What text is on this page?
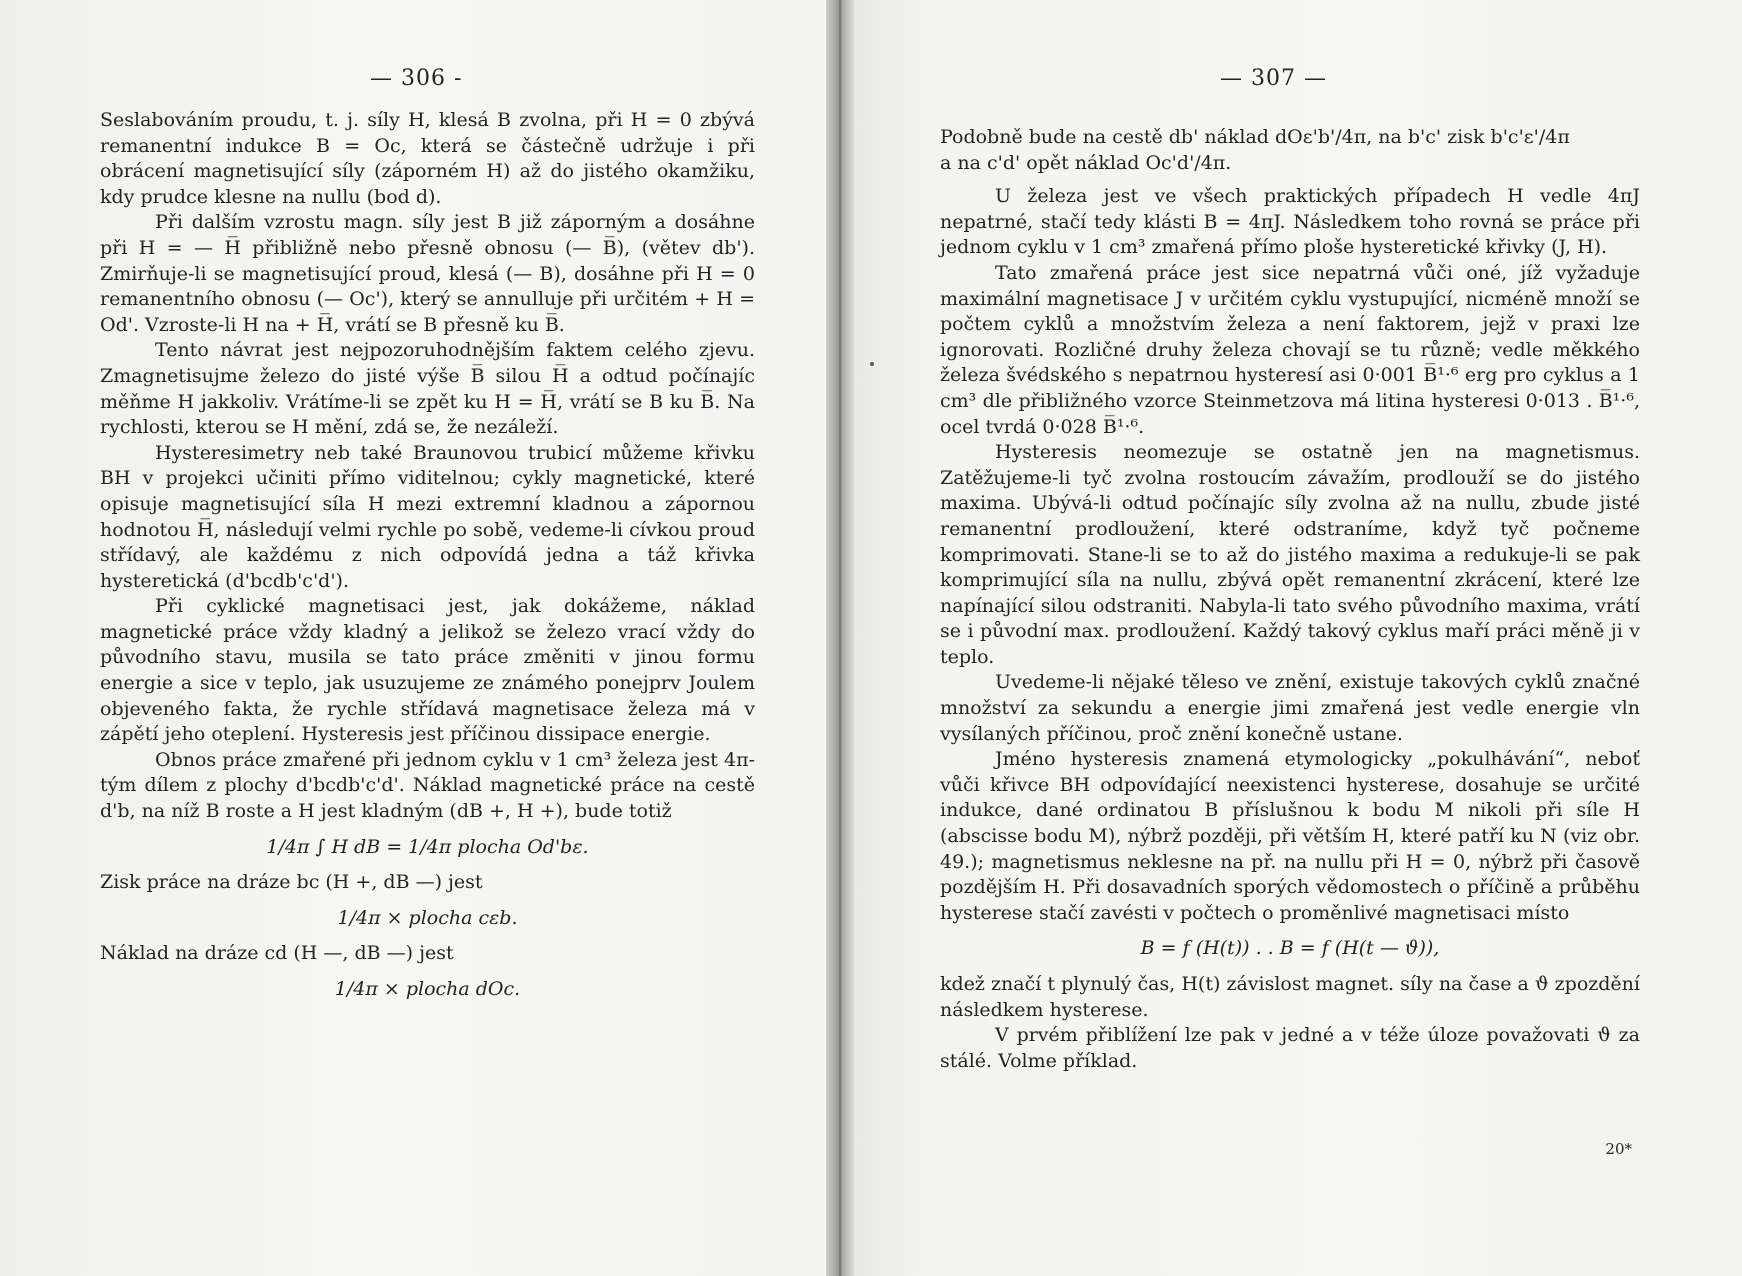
— 306 -

Seslabováním proudu, t. j. síly H, klesá B zvolna, při H = 0 zbývá remanentní indukce B = Oc, která se částečně udržuje i při obrácení magnetisující síly (záporném H) až do jistého okamžiku, kdy prudce klesne na nullu (bod d).

Při dalším vzrostu magn. síly jest B již záporným a dosáhne při H = — H̅ přibližně nebo přesně obnosu (— B̅), (větev db'). Zmirňuje-li se magnetisující proud, klesá (— B), dosáhne při H = 0 remanentního obnosu (— Oc'), který se annulluje při určitém + H = Od'. Vzroste-li H na + H̅, vrátí se B přesně ku B̅.

Tento návrat jest nejpozoruhodnějším faktem celého zjevu. Zmagnetisujme železo do jisté výše B̅ silou H̅ a odtud počínajíc měňme H jakkoliv. Vrátíme-li se zpět ku H = H̅, vrátí se B ku B̅. Na rychlosti, kterou se H mění, zdá se, že nezáleží.

Hysteresimetry neb také Braunovou trubicí můžeme křivku BH v projekci učiniti přímo viditelnou; cykly magnetické, které opisuje magnetisující síla H mezi extremní kladnou a zápornou hodnotou H̅, následují velmi rychle po sobě, vedeme-li cívkou proud střídavý, ale každému z nich odpovídá jedna a táž křivka hysteretická (d'bcdb'c'd').

Při cyklické magnetisaci jest, jak dokážeme, náklad magnetické práce vždy kladný a jelikož se železo vrací vždy do původního stavu, musila se tato práce změniti v jinou formu energie a sice v teplo, jak usuzujeme ze známého ponejprv Joulem objeveného fakta, že rychle střídavá magnetisace železa má v zápětí jeho oteplení. Hysteresis jest příčinou dissipace energie.

Obnos práce zmařené při jednom cyklu v 1 cm³ železa jest 4π-tým dílem z plochy d'bcdb'c'd'. Náklad magnetické práce na cestě d'b, na níž B roste a H jest kladným (dB +, H +), bude totiž

1/4π ∫ H dB = 1/4π plocha Od'bε.

Zisk práce na dráze bc (H +, dB —) jest

1/4π × plocha cεb.

Náklad na dráze cd (H —, dB —) jest

1/4π × plocha dOc.
— 307 —

Podobně bude na cestě db' náklad dOε'b'/4π, na b'c' zisk b'c'ε'/4π

a na c'd' opět náklad Oc'd'/4π.

U železa jest ve všech praktických případech H vedle 4πJ nepatrné, stačí tedy klásti B = 4πJ. Následkem toho rovná se práce při jednom cyklu v 1 cm³ zmařená přímo ploše hysteretické křivky (J, H).

Tato zmařená práce jest sice nepatrná vůči oné, jíž vyžaduje maximální magnetisace J v určitém cyklu vystupující, nicméně množí se počtem cyklů a množstvím železa a není faktorem, jejž v praxi lze ignorovati. Rozličné druhy železa chovají se tu různě; vedle měkkého železa švédského s nepatrnou hysteresí asi 0·001 B̅¹·⁶ erg pro cyklus a 1 cm³ dle přibližného vzorce Steinmetzova má litina hysteresi 0·013 . B̅¹·⁶, ocel tvrdá 0·028 B̅¹·⁶.

Hysteresis neomezuje se ostatně jen na magnetismus. Zatěžujeme-li tyč zvolna rostoucím závažím, prodlouží se do jistého maxima. Ubývá-li odtud počínajíc síly zvolna až na nullu, zbude jisté remanentní prodloužení, které odstraníme, když tyč počneme komprimovati. Stane-li se to až do jistého maxima a redukuje-li se pak komprimující síla na nullu, zbývá opět remanentní zkrácení, které lze napínající silou odstraniti. Nabyla-li tato svého původního maxima, vrátí se i původní max. prodloužení. Každý takový cyklus maří práci měně ji v teplo.

Uvedeme-li nějaké těleso ve znění, existuje takových cyklů značné množství za sekundu a energie jimi zmařená jest vedle energie vln vysílaných příčinou, proč znění konečně ustane.

Jméno hysteresis znamená etymologicky „pokulhávání“, neboť vůči křivce BH odpovídající neexistenci hysterese, dosahuje se určité indukce, dané ordinatou B příslušnou k bodu M nikoli při síle H (abscisse bodu M), nýbrž později, při větším H, které patří ku N (viz obr. 49.); magnetismus neklesne na př. na nullu při H = 0, nýbrž při časově pozdějším H. Při dosavadních sporých vědomostech o příčině a průběhu hysterese stačí zavésti v počtech o proměnlivé magnetisaci místo

B = f (H(t)) . . B = f (H(t — ϑ)),

kdež značí t plynulý čas, H(t) závislost magnet. síly na čase a ϑ zpozdění následkem hysterese.

V prvém přiblížení lze pak v jedné a v téže úloze považovati ϑ za stálé. Volme příklad.

20*
